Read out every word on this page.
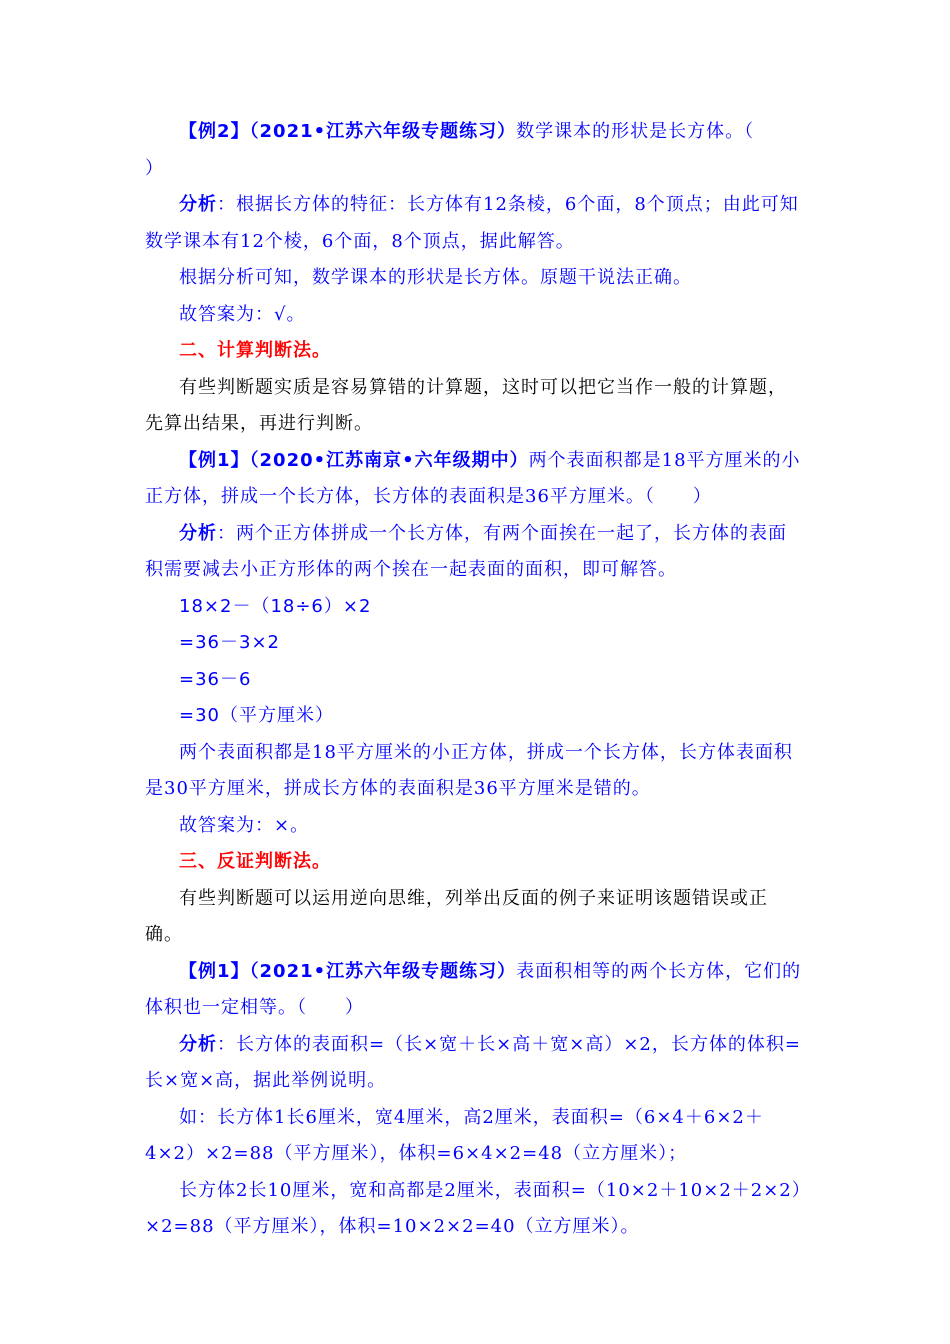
【例2】（2021•江苏六年级专题练习）数学课本的形状是长方体。（

）

分析：根据长方体的特征：长方体有12条棱，6个面，8个顶点；由此可知数学课本有12个棱，6个面，8个顶点，据此解答。

根据分析可知，数学课本的形状是长方体。原题干说法正确。

故答案为：√。

二、计算判断法。

有些判断题实质是容易算错的计算题，这时可以把它当作一般的计算题，先算出结果，再进行判断。

【例1】（2020•江苏南京•六年级期中）两个表面积都是18平方厘米的小正方体，拼成一个长方体，长方体的表面积是36平方厘米。（　　）

分析：两个正方体拼成一个长方体，有两个面挨在一起了，长方体的表面积需要减去小正方形体的两个挨在一起表面的面积，即可解答。

18×2－（18÷6）×2

=36－3×2

=36－6

=30（平方厘米）

两个表面积都是18平方厘米的小正方体，拼成一个长方体，长方体表面积是30平方厘米，拼成长方体的表面积是36平方厘米是错的。

故答案为：×。

三、反证判断法。

有些判断题可以运用逆向思维，列举出反面的例子来证明该题错误或正确。

【例1】（2021•江苏六年级专题练习）表面积相等的两个长方体，它们的体积也一定相等。（　　）

分析：长方体的表面积=（长×宽＋长×高＋宽×高）×2，长方体的体积=长×宽×高，据此举例说明。

如：长方体1长6厘米，宽4厘米，高2厘米，表面积=（6×4＋6×2＋4×2）×2=88（平方厘米），体积=6×4×2=48（立方厘米）；

长方体2长10厘米，宽和高都是2厘米，表面积=（10×2＋10×2＋2×2）×2=88（平方厘米），体积=10×2×2=40（立方厘米）。
